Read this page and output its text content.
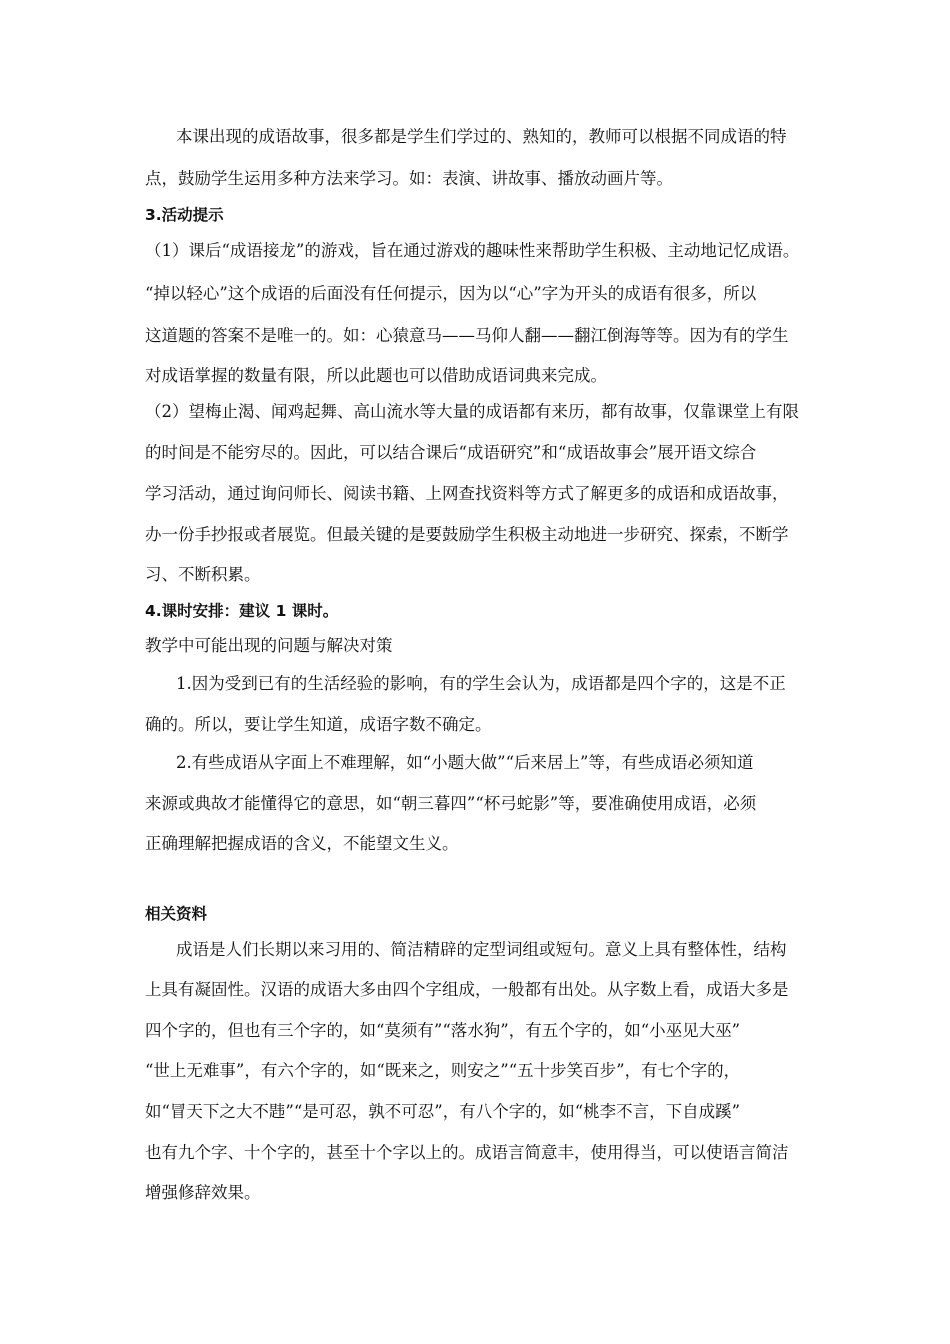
本课出现的成语故事，很多都是学生们学过的、熟知的，教师可以根据不同成语的特

点，鼓励学生运用多种方法来学习。如：表演、讲故事、播放动画片等。

3.活动提示

（1）课后“成语接龙”的游戏，旨在通过游戏的趣味性来帮助学生积极、主动地记忆成语。

“掉以轻心”这个成语的后面没有任何提示，因为以“心”字为开头的成语有很多，所以

这道题的答案不是唯一的。如：心猿意马——马仰人翻——翻江倒海等等。因为有的学生

对成语掌握的数量有限，所以此题也可以借助成语词典来完成。

（2）望梅止渴、闻鸡起舞、高山流水等大量的成语都有来历，都有故事，仅靠课堂上有限

的时间是不能穷尽的。因此，可以结合课后“成语研究”和“成语故事会”展开语文综合

学习活动，通过询问师长、阅读书籍、上网查找资料等方式了解更多的成语和成语故事，

办一份手抄报或者展览。但最关键的是要鼓励学生积极主动地进一步研究、探索，不断学

习、不断积累。

4.课时安排：建议 1 课时。

教学中可能出现的问题与解决对策

1.因为受到已有的生活经验的影响，有的学生会认为，成语都是四个字的，这是不正

确的。所以，要让学生知道，成语字数不确定。

2.有些成语从字面上不难理解，如“小题大做”“后来居上”等，有些成语必须知道

来源或典故才能懂得它的意思，如“朝三暮四”“杯弓蛇影”等，要准确使用成语，必须

正确理解把握成语的含义，不能望文生义。

相关资料

成语是人们长期以来习用的、简洁精辟的定型词组或短句。意义上具有整体性，结构

上具有凝固性。汉语的成语大多由四个字组成，一般都有出处。从字数上看，成语大多是

四个字的，但也有三个字的，如“莫须有”“落水狗”，有五个字的，如“小巫见大巫”

“世上无难事”，有六个字的，如“既来之，则安之”“五十步笑百步”，有七个字的，

如“冒天下之大不韪”“是可忍，孰不可忍”，有八个字的，如“桃李不言，下自成蹊”

也有九个字、十个字的，甚至十个字以上的。成语言简意丰，使用得当，可以使语言简洁

增强修辞效果。
